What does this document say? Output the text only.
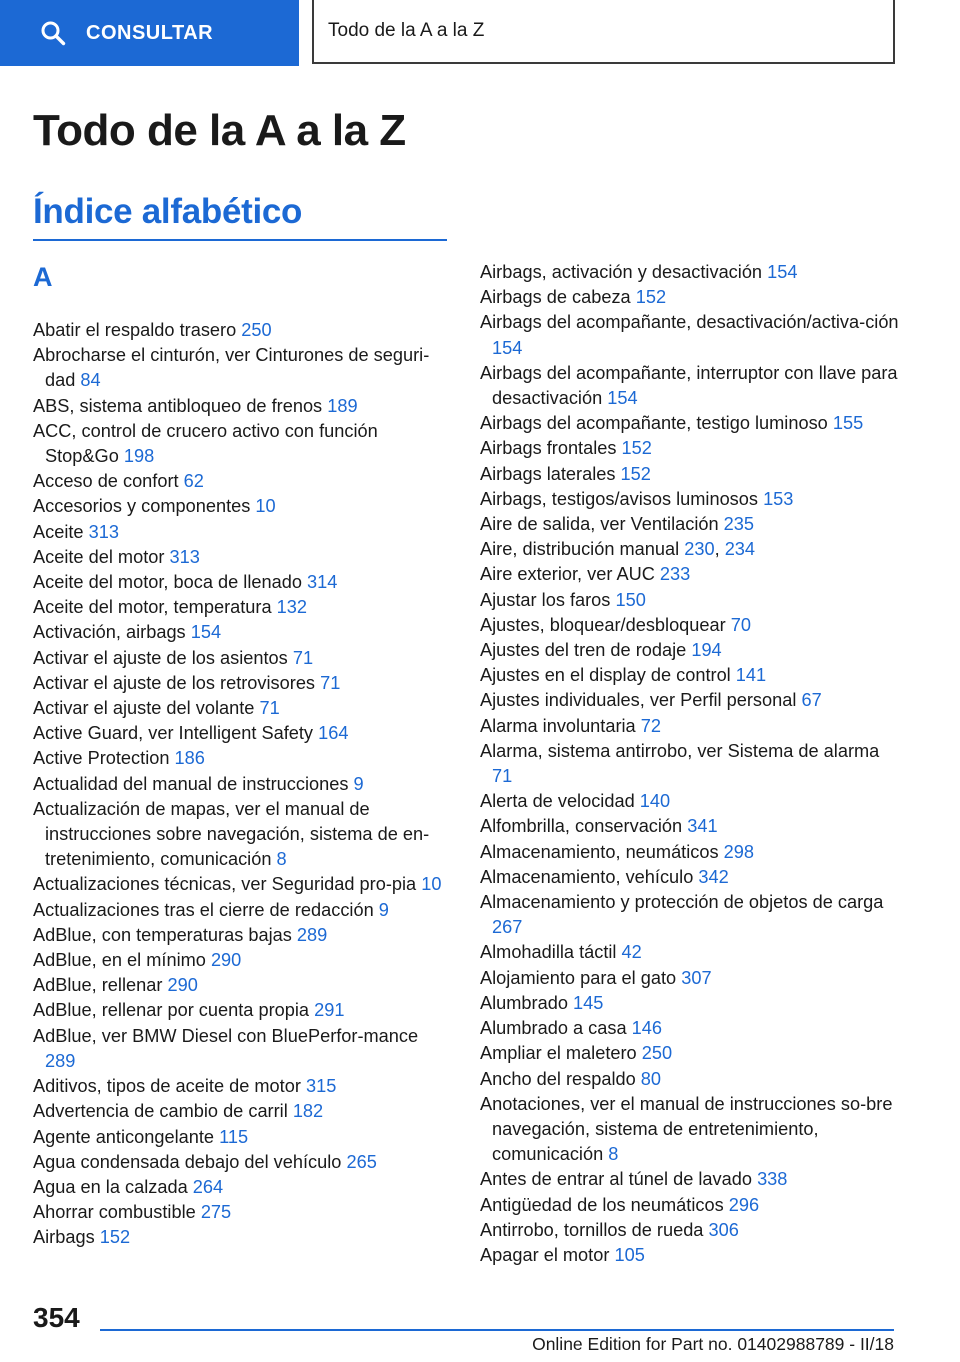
CONSULTAR	Todo de la A a la Z
Todo de la A a la Z
Índice alfabético
A
Abatir el respaldo trasero 250
Abrocharse el cinturón, ver Cinturones de seguri‐dad 84
ABS, sistema antibloqueo de frenos 189
ACC, control de crucero activo con función Stop&Go 198
Acceso de confort 62
Accesorios y componentes 10
Aceite 313
Aceite del motor 313
Aceite del motor, boca de llenado 314
Aceite del motor, temperatura 132
Activación, airbags 154
Activar el ajuste de los asientos 71
Activar el ajuste de los retrovisores 71
Activar el ajuste del volante 71
Active Guard, ver Intelligent Safety 164
Active Protection 186
Actualidad del manual de instrucciones 9
Actualización de mapas, ver el manual de instrucciones sobre navegación, sistema de en‐tretenimiento, comunicación 8
Actualizaciones técnicas, ver Seguridad pro‐pia 10
Actualizaciones tras el cierre de redacción 9
AdBlue, con temperaturas bajas 289
AdBlue, en el mínimo 290
AdBlue, rellenar 290
AdBlue, rellenar por cuenta propia 291
AdBlue, ver BMW Diesel con BluePerfor‐mance 289
Aditivos, tipos de aceite de motor 315
Advertencia de cambio de carril 182
Agente anticongelante 115
Agua condensada debajo del vehículo 265
Agua en la calzada 264
Ahorrar combustible 275
Airbags 152
Airbags, activación y desactivación 154
Airbags de cabeza 152
Airbags del acompañante, desactivación/activa‐ción 154
Airbags del acompañante, interruptor con llave para desactivación 154
Airbags del acompañante, testigo luminoso 155
Airbags frontales 152
Airbags laterales 152
Airbags, testigos/avisos luminosos 153
Aire de salida, ver Ventilación 235
Aire, distribución manual 230, 234
Aire exterior, ver AUC 233
Ajustar los faros 150
Ajustes, bloquear/desbloquear 70
Ajustes del tren de rodaje 194
Ajustes en el display de control 141
Ajustes individuales, ver Perfil personal 67
Alarma involuntaria 72
Alarma, sistema antirrobo, ver Sistema de alarma 71
Alerta de velocidad 140
Alfombrilla, conservación 341
Almacenamiento, neumáticos 298
Almacenamiento, vehículo 342
Almacenamiento y protección de objetos de carga 267
Almohadilla táctil 42
Alojamiento para el gato 307
Alumbrado 145
Alumbrado a casa 146
Ampliar el maletero 250
Ancho del respaldo 80
Anotaciones, ver el manual de instrucciones so‐bre navegación, sistema de entretenimiento, comunicación 8
Antes de entrar al túnel de lavado 338
Antigüedad de los neumáticos 296
Antirrobo, tornillos de rueda 306
Apagar el motor 105
354
Online Edition for Part no. 01402988789 - II/18
